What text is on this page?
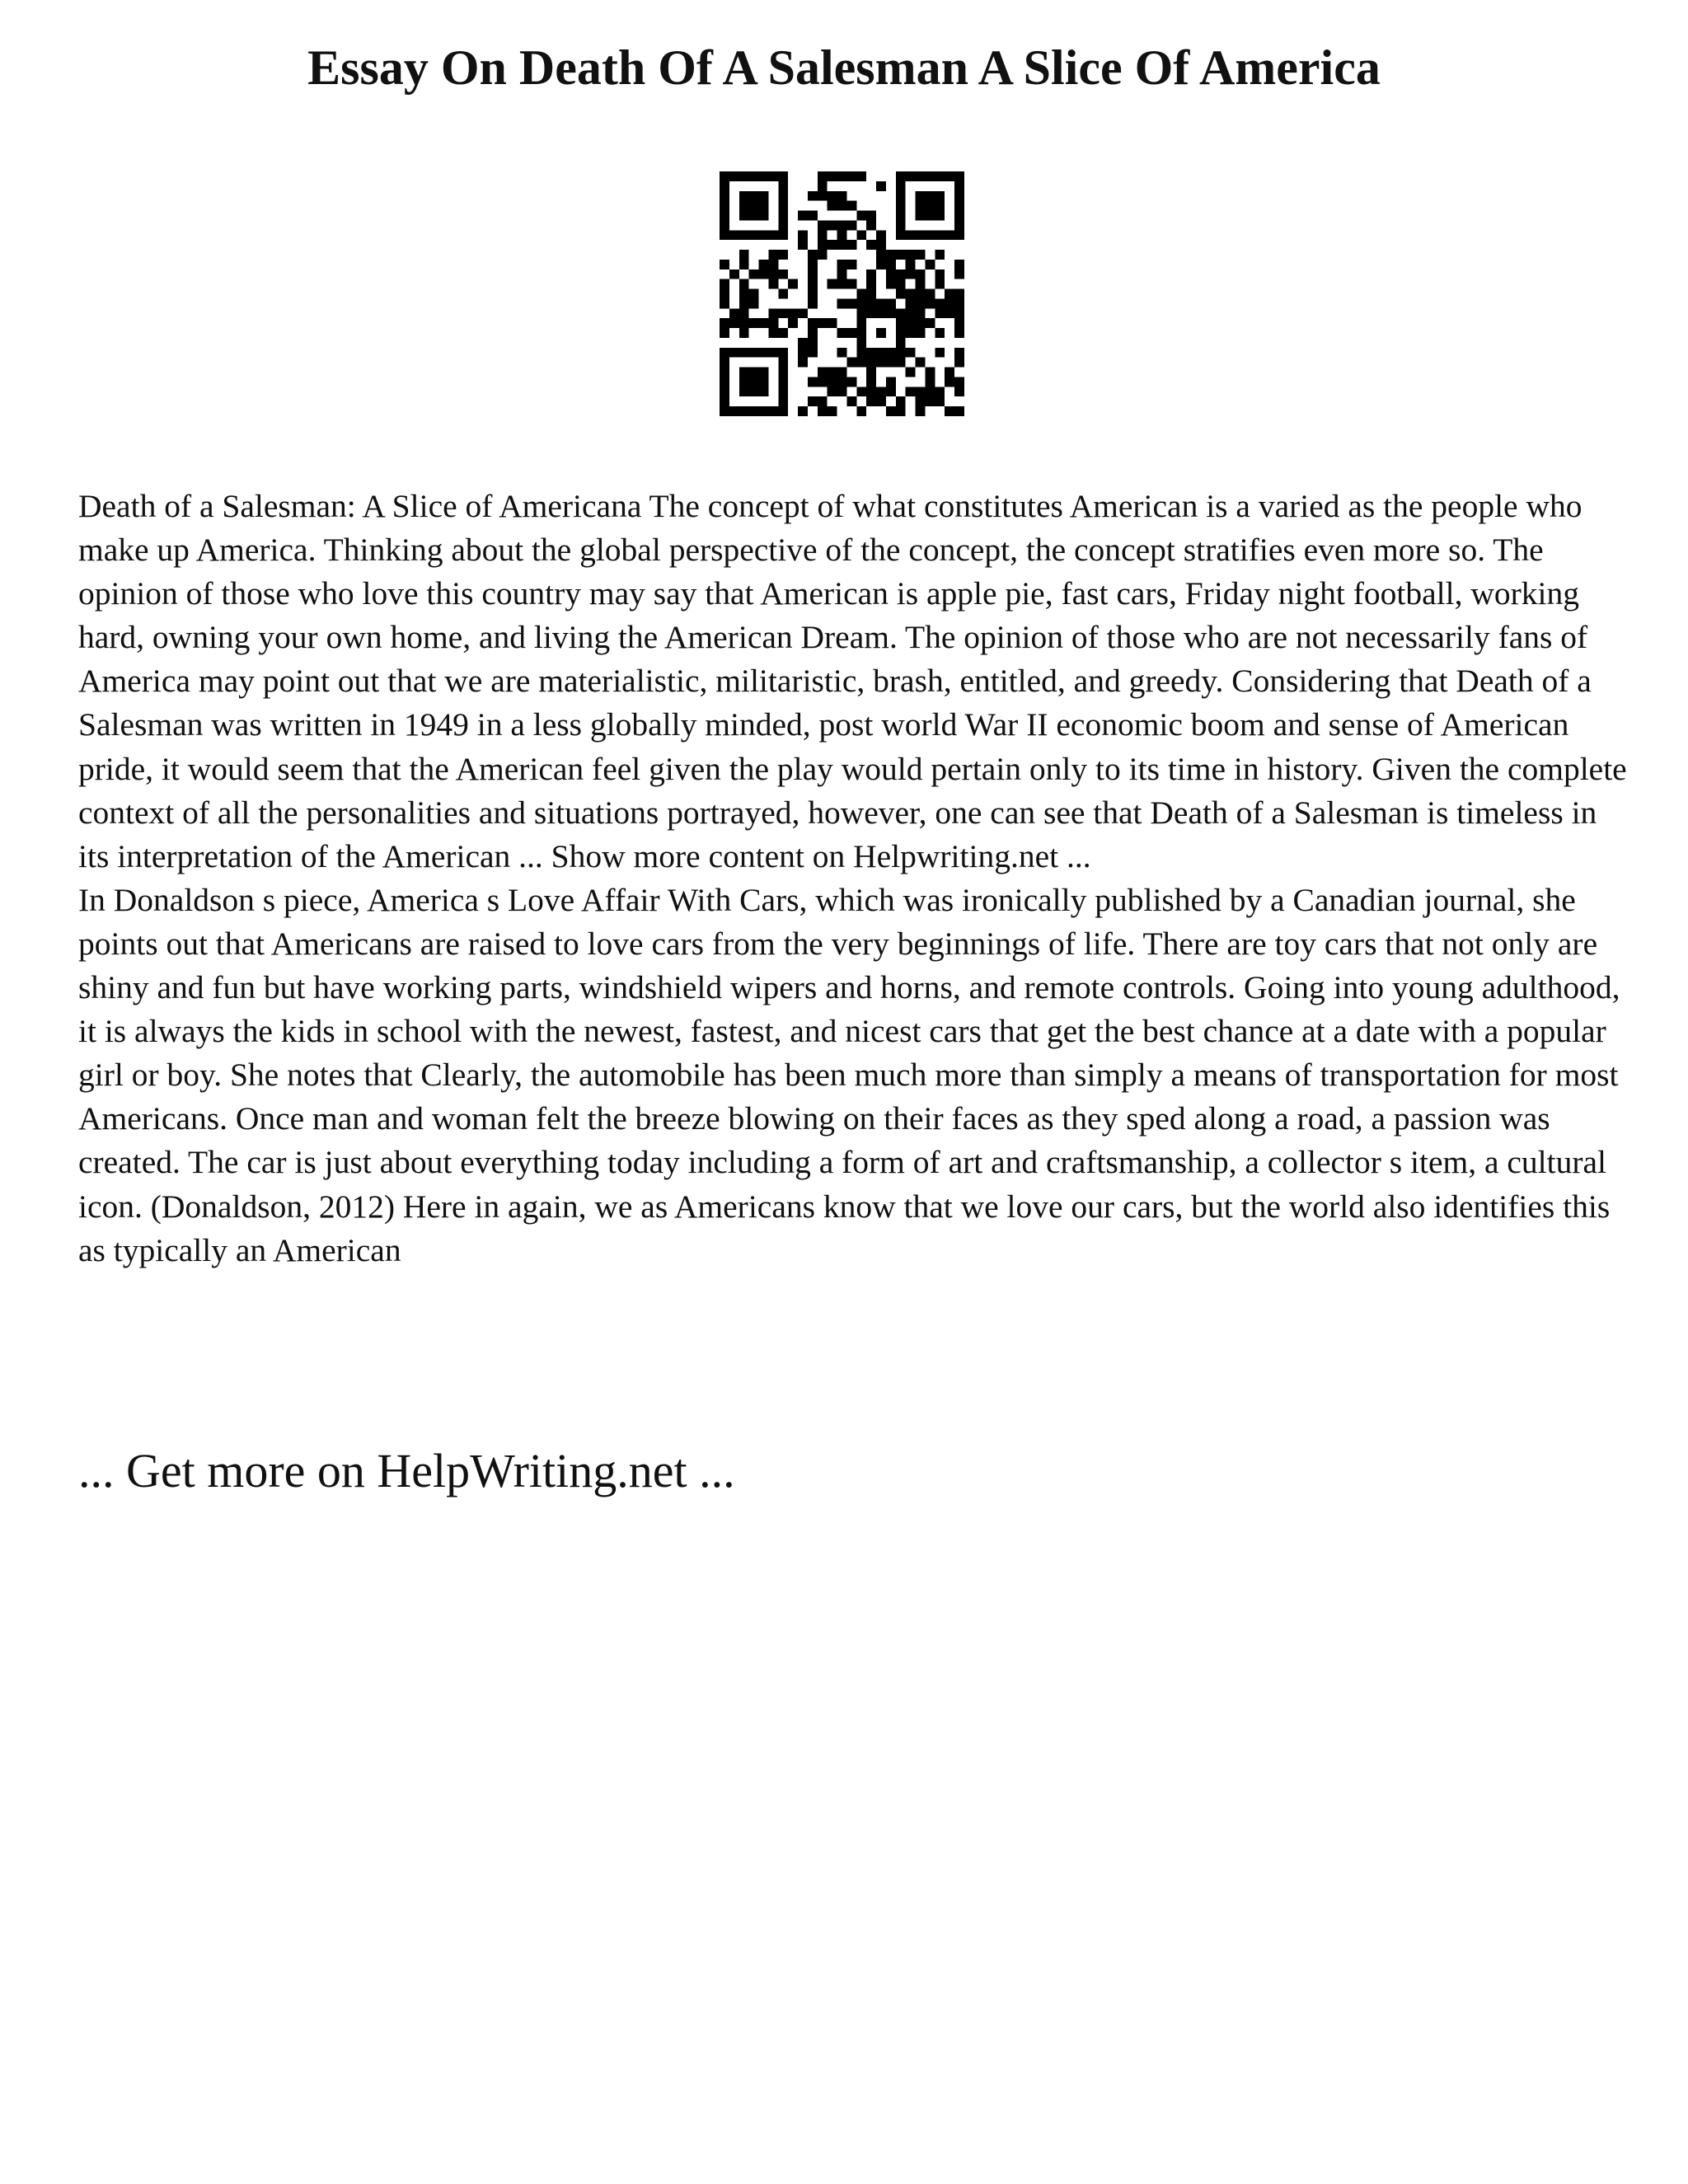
Essay On Death Of A Salesman A Slice Of America

Death of a Salesman: A Slice of Americana The concept of what constitutes American is a varied as the people who make up America. Thinking about the global perspective of the concept, the concept stratifies even more so. The opinion of those who love this country may say that American is apple pie, fast cars, Friday night football, working hard, owning your own home, and living the American Dream. The opinion of those who are not necessarily fans of America may point out that we are materialistic, militaristic, brash, entitled, and greedy. Considering that Death of a Salesman was written in 1949 in a less globally minded, post world War II economic boom and sense of American pride, it would seem that the American feel given the play would pertain only to its time in history. Given the complete context of all the personalities and situations portrayed, however, one can see that Death of a Salesman is timeless in its interpretation of the American ... Show more content on Helpwriting.net ...

In Donaldson s piece, America s Love Affair With Cars, which was ironically published by a Canadian journal, she points out that Americans are raised to love cars from the very beginnings of life. There are toy cars that not only are shiny and fun but have working parts, windshield wipers and horns, and remote controls. Going into young adulthood, it is always the kids in school with the newest, fastest, and nicest cars that get the best chance at a date with a popular girl or boy. She notes that Clearly, the automobile has been much more than simply a means of transportation for most Americans. Once man and woman felt the breeze blowing on their faces as they sped along a road, a passion was created. The car is just about everything today including a form of art and craftsmanship, a collector s item, a cultural icon. (Donaldson, 2012) Here in again, we as Americans know that we love our cars, but the world also identifies this as typically an American

... Get more on HelpWriting.net ...
